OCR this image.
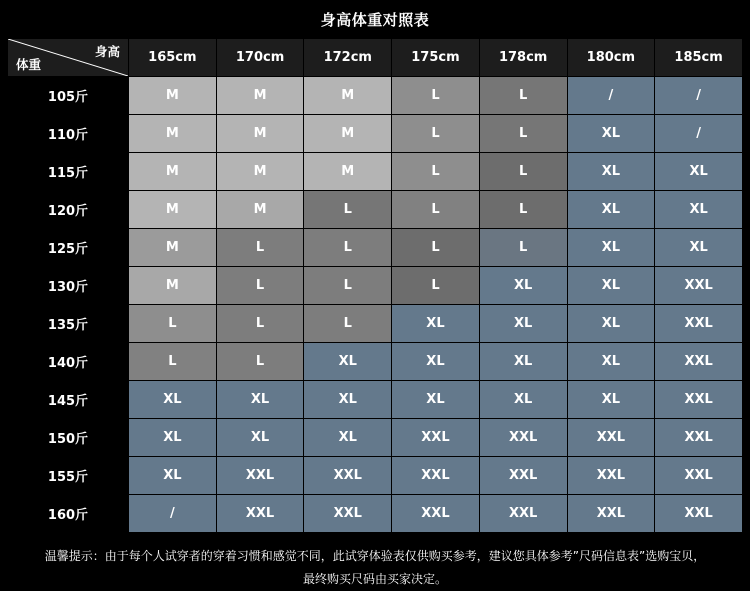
身高体重对照表
身高
体重	165cm	170cm	172cm	175cm	178cm	180cm	185cm
105斤	M	M	M	L	L	/	/
110斤	M	M	M	L	L	XL	/
115斤	M	M	M	L	L	XL	XL
120斤	M	M	L	L	L	XL	XL
125斤	M	L	L	L	L	XL	XL
130斤	M	L	L	L	XL	XL	XXL
135斤	L	L	L	XL	XL	XL	XXL
140斤	L	L	XL	XL	XL	XL	XXL
145斤	XL	XL	XL	XL	XL	XL	XXL
150斤	XL	XL	XL	XXL	XXL	XXL	XXL
155斤	XL	XXL	XXL	XXL	XXL	XXL	XXL
160斤	/	XXL	XXL	XXL	XXL	XXL	XXL
温馨提示：由于每个人试穿者的穿着习惯和感觉不同，此试穿体验表仅供购买参考，建议您具体参考”尺码信息表”选购宝贝，
最终购买尺码由买家决定。
